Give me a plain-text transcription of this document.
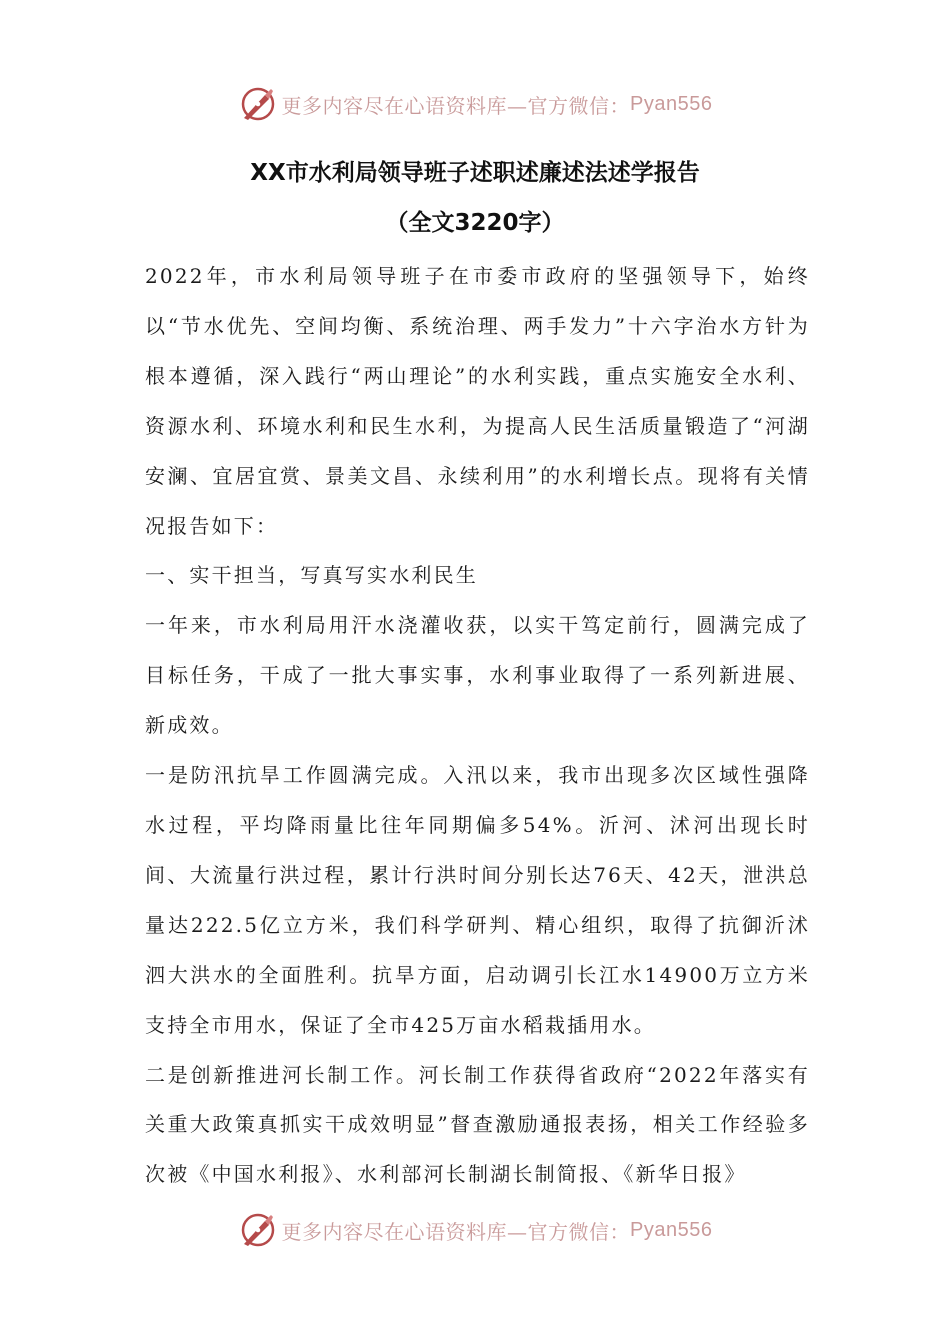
更多内容尽在心语资料库—官方微信： Pyan556
XX市水利局领导班子述职述廉述法述学报告
（全文3220字）

2022年，市水利局领导班子在市委市政府的坚强领导下，始终以“节水优先、空间均衡、系统治理、两手发力”十六字治水方针为根本遵循，深入践行“两山理论”的水利实践，重点实施安全水利、资源水利、环境水利和民生水利，为提高人民生活质量锻造了“河湖安澜、宜居宜赏、景美文昌、永续利用”的水利增长点。现将有关情况报告如下：

一、实干担当，写真写实水利民生

一年来，市水利局用汗水浇灌收获，以实干笃定前行，圆满完成了目标任务，干成了一批大事实事，水利事业取得了一系列新进展、新成效。

一是防汛抗旱工作圆满完成。入汛以来，我市出现多次区域性强降水过程，平均降雨量比往年同期偏多54%。沂河、沭河出现长时间、大流量行洪过程，累计行洪时间分别长达76天、42天，泄洪总量达222.5亿立方米，我们科学研判、精心组织，取得了抗御沂沭泗大洪水的全面胜利。抗旱方面，启动调引长江水14900万立方米支持全市用水，保证了全市425万亩水稻栽插用水。

二是创新推进河长制工作。河长制工作获得省政府“2022年落实有关重大政策真抓实干成效明显”督查激励通报表扬，相关工作经验多次被《中国水利报》、水利部河长制湖长制简报、《新华日报》

更多内容尽在心语资料库—官方微信： Pyan556
